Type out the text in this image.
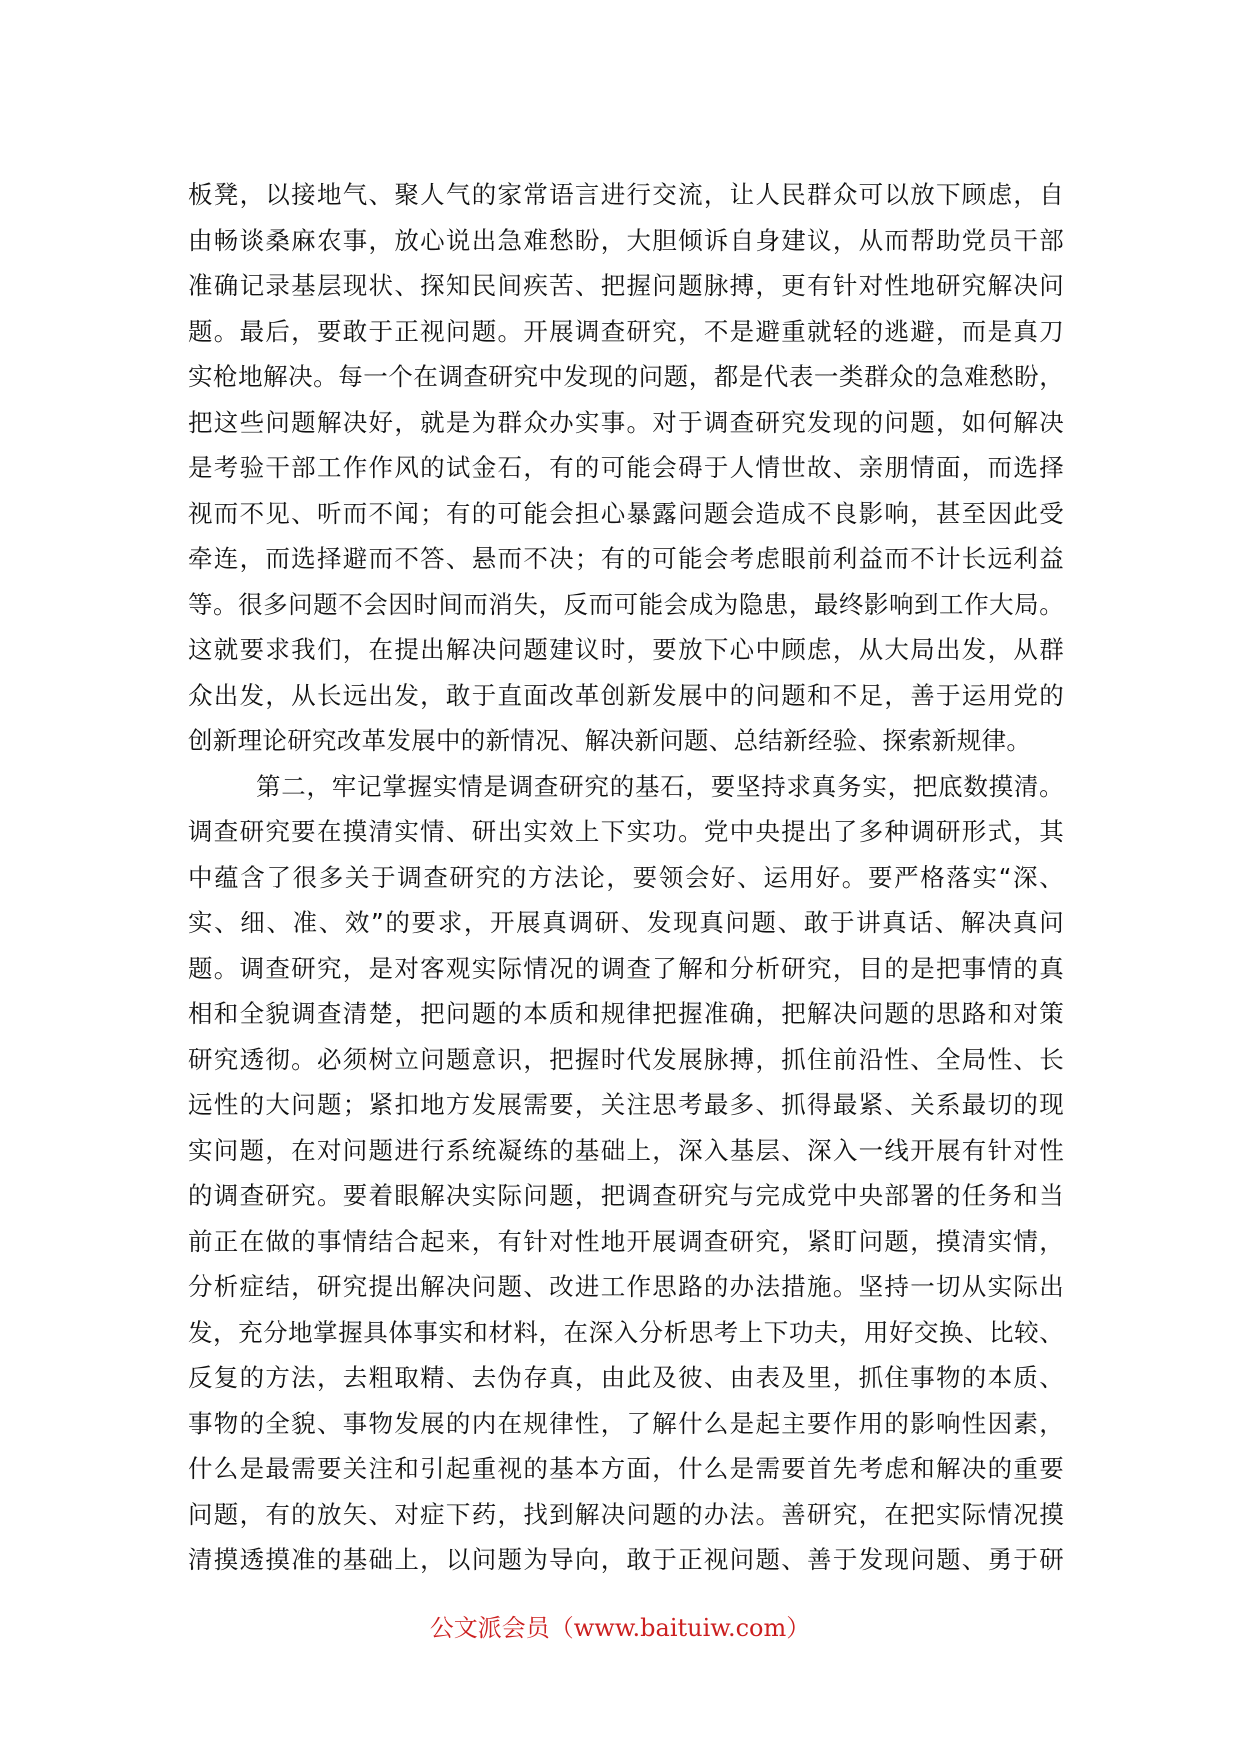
板凳，以接地气、聚人气的家常语言进行交流，让人民群众可以放下顾虑，自
由畅谈桑麻农事，放心说出急难愁盼，大胆倾诉自身建议，从而帮助党员干部
准确记录基层现状、探知民间疾苦、把握问题脉搏，更有针对性地研究解决问
题。最后，要敢于正视问题。开展调查研究，不是避重就轻的逃避，而是真刀
实枪地解决。每一个在调查研究中发现的问题，都是代表一类群众的急难愁盼，
把这些问题解决好，就是为群众办实事。对于调查研究发现的问题，如何解决
是考验干部工作作风的试金石，有的可能会碍于人情世故、亲朋情面，而选择
视而不见、听而不闻；有的可能会担心暴露问题会造成不良影响，甚至因此受
牵连，而选择避而不答、悬而不决；有的可能会考虑眼前利益而不计长远利益
等。很多问题不会因时间而消失，反而可能会成为隐患，最终影响到工作大局。
这就要求我们，在提出解决问题建议时，要放下心中顾虑，从大局出发，从群
众出发，从长远出发，敢于直面改革创新发展中的问题和不足，善于运用党的
创新理论研究改革发展中的新情况、解决新问题、总结新经验、探索新规律。
第二，牢记掌握实情是调查研究的基石，要坚持求真务实，把底数摸清。
调查研究要在摸清实情、研出实效上下实功。党中央提出了多种调研形式，其
中蕴含了很多关于调查研究的方法论，要领会好、运用好。要严格落实“深、
实、细、准、效”的要求，开展真调研、发现真问题、敢于讲真话、解决真问
题。调查研究，是对客观实际情况的调查了解和分析研究，目的是把事情的真
相和全貌调查清楚，把问题的本质和规律把握准确，把解决问题的思路和对策
研究透彻。必须树立问题意识，把握时代发展脉搏，抓住前沿性、全局性、长
远性的大问题；紧扣地方发展需要，关注思考最多、抓得最紧、关系最切的现
实问题，在对问题进行系统凝练的基础上，深入基层、深入一线开展有针对性
的调查研究。要着眼解决实际问题，把调查研究与完成党中央部署的任务和当
前正在做的事情结合起来，有针对性地开展调查研究，紧盯问题，摸清实情，
分析症结，研究提出解决问题、改进工作思路的办法措施。坚持一切从实际出
发，充分地掌握具体事实和材料，在深入分析思考上下功夫，用好交换、比较、
反复的方法，去粗取精、去伪存真，由此及彼、由表及里，抓住事物的本质、
事物的全貌、事物发展的内在规律性，了解什么是起主要作用的影响性因素，
什么是最需要关注和引起重视的基本方面，什么是需要首先考虑和解决的重要
问题，有的放矢、对症下药，找到解决问题的办法。善研究，在把实际情况摸
清摸透摸准的基础上，以问题为导向，敢于正视问题、善于发现问题、勇于研
公文派会员（www.baituiw.com）
